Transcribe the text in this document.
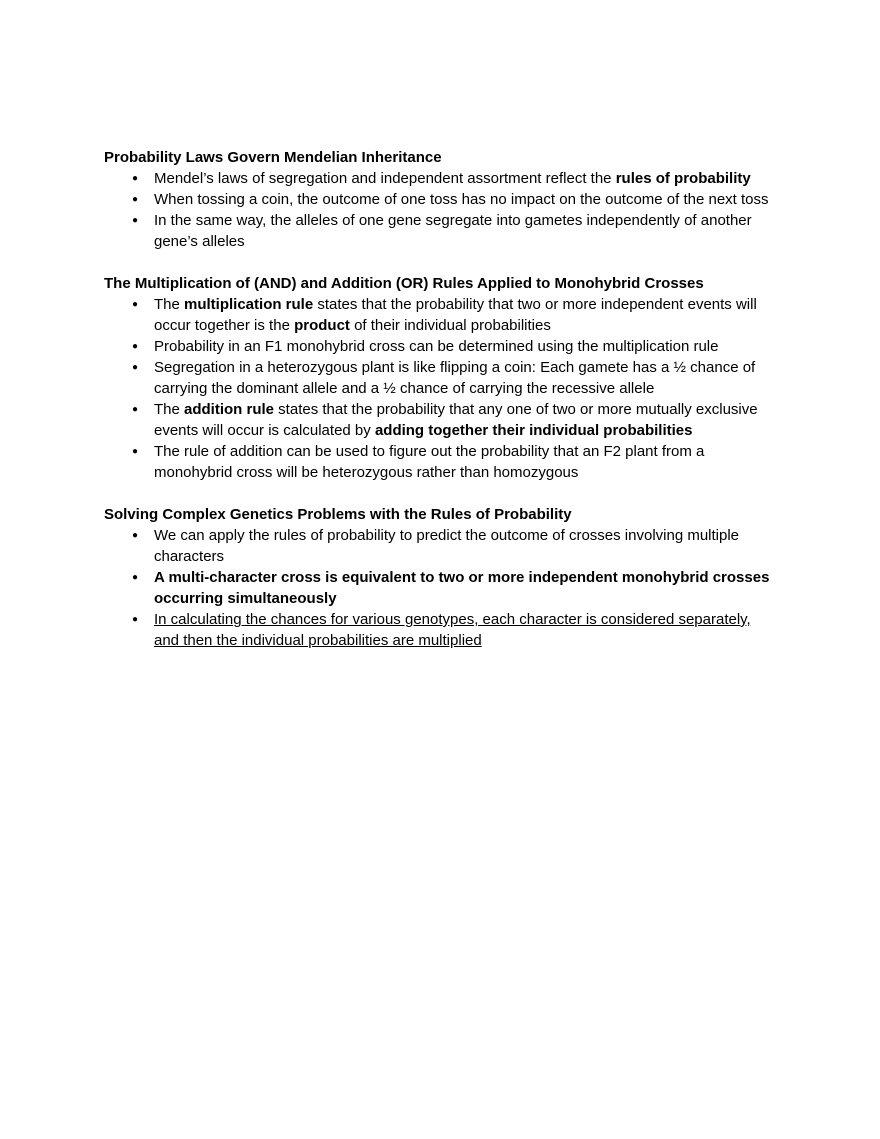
Probability Laws Govern Mendelian Inheritance
● Mendel’s laws of segregation and independent assortment reflect the rules of probability
● When tossing a coin, the outcome of one toss has no impact on the outcome of the next toss
● In the same way, the alleles of one gene segregate into gametes independently of another gene’s alleles
The Multiplication of (AND) and Addition (OR) Rules Applied to Monohybrid Crosses
● The multiplication rule states that the probability that two or more independent events will occur together is the product of their individual probabilities
● Probability in an F1 monohybrid cross can be determined using the multiplication rule
● Segregation in a heterozygous plant is like flipping a coin: Each gamete has a ½ chance of carrying the dominant allele and a ½ chance of carrying the recessive allele
● The addition rule states that the probability that any one of two or more mutually exclusive events will occur is calculated by adding together their individual probabilities
● The rule of addition can be used to figure out the probability that an F2 plant from a monohybrid cross will be heterozygous rather than homozygous
Solving Complex Genetics Problems with the Rules of Probability
● We can apply the rules of probability to predict the outcome of crosses involving multiple characters
● A multi-character cross is equivalent to two or more independent monohybrid crosses occurring simultaneously
● In calculating the chances for various genotypes, each character is considered separately, and then the individual probabilities are multiplied
